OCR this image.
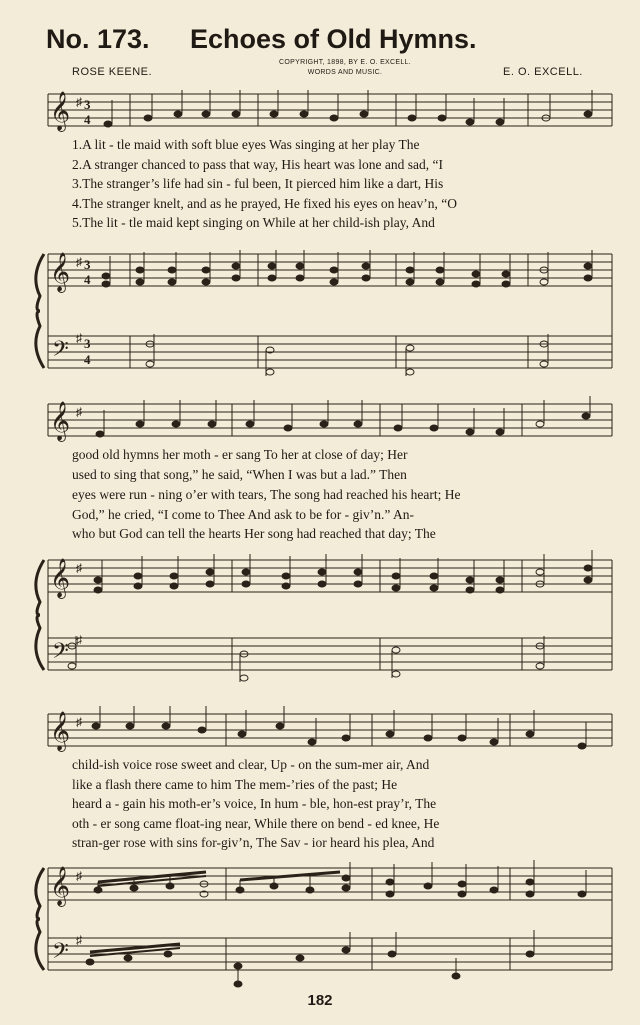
No. 173. Echoes of Old Hymns.
ROSE KEENE.
COPYRIGHT, 1898, BY E. O. EXCELL.
WORDS AND MUSIC.	E. O. EXCELL.
𝄞 ♯ 3
4
1.A lit - tle maid with soft blue eyes Was singing at her play The
2.A stranger chanced to pass that way, His heart was lone and sad, “I
3.The stranger’s life had sin - ful been, It pierced him like a dart, His
4.The stranger knelt, and as he prayed, He fixed his eyes on heav’n, “O
5.The lit - tle maid kept singing on While at her child-ish play, And
𝄞 ♯ 3
4
𝄢 ♯ 3
4
𝄞 ♯
good old hymns her moth - er sang To her at close of day; Her
used to sing that song,” he said, “When I was but a lad.” Then
eyes were run - ning o’er with tears, The song had reached his heart; He
God,” he cried, “I come to Thee And ask to be for - giv’n.” An-
who but God can tell the hearts Her song had reached that day; The
𝄞 ♯
𝄢 ♯
𝄞 ♯
child-ish voice rose sweet and clear, Up - on the sum-mer air, And
like a flash there came to him The mem-’ries of the past; He
heard a - gain his moth-er’s voice, In hum - ble, hon-est pray’r, The
oth - er song came float-ing near, While there on bend - ed knee, He
stran-ger rose with sins for-giv’n, The Sav - ior heard his plea, And
𝄞 ♯
𝄢 ♯
182
